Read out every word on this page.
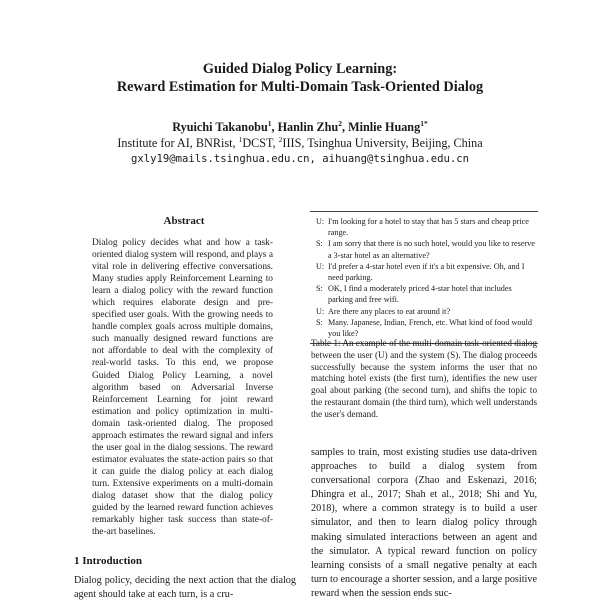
Guided Dialog Policy Learning:
Reward Estimation for Multi-Domain Task-Oriented Dialog
Ryuichi Takanobu$^1$, Hanlin Zhu$^2$, Minlie Huang$^{1*}$
Institute for AI, BNRist, $^1$DCST, $^2$IIIS, Tsinghua University, Beijing, China
gxly19@mails.tsinghua.edu.cn, aihuang@tsinghua.edu.cn
Abstract
Dialog policy decides what and how a task-oriented dialog system will respond, and plays a vital role in delivering effective conversations. Many studies apply Reinforcement Learning to learn a dialog policy with the reward function which requires elaborate design and pre-specified user goals. With the growing needs to handle complex goals across multiple domains, such manually designed reward functions are not affordable to deal with the complexity of real-world tasks. To this end, we propose Guided Dialog Policy Learning, a novel algorithm based on Adversarial Inverse Reinforcement Learning for joint reward estimation and policy optimization in multi-domain task-oriented dialog. The proposed approach estimates the reward signal and infers the user goal in the dialog sessions. The reward estimator evaluates the state-action pairs so that it can guide the dialog policy at each dialog turn. Extensive experiments on a multi-domain dialog dataset show that the dialog policy guided by the learned reward function achieves remarkably higher task success than state-of-the-art baselines.
1 Introduction
Dialog policy, deciding the next action that the dialog agent should take at each turn, is a cru-
U: I'm looking for a hotel to stay that has 5 stars and cheap price range.
S: I am sorry that there is no such hotel, would you like to reserve a 3-star hotel as an alternative?
U: I'd prefer a 4-star hotel even if it's a bit expensive. Oh, and I need parking.
S: OK, I find a moderately priced 4-star hotel that includes parking and free wifi.
U: Are there any places to eat around it?
S: Many. Japanese, Indian, French, etc. What kind of food would you like?
Table 1: An example of the multi-domain task-oriented dialog between the user (U) and the system (S). The dialog proceeds successfully because the system informs the user that no matching hotel exists (the first turn), identifies the new user goal about parking (the second turn), and shifts the topic to the restaurant domain (the third turn), which well understands the user's demand.
samples to train, most existing studies use data-driven approaches to build a dialog system from conversational corpora (Zhao and Eskenazi, 2016; Dhingra et al., 2017; Shah et al., 2018; Shi and Yu, 2018), where a common strategy is to build a user simulator, and then to learn dialog policy through making simulated interactions between an agent and the simulator. A typical reward function on policy learning consists of a small negative penalty at each turn to encourage a shorter session, and a large positive reward when the session ends suc-
